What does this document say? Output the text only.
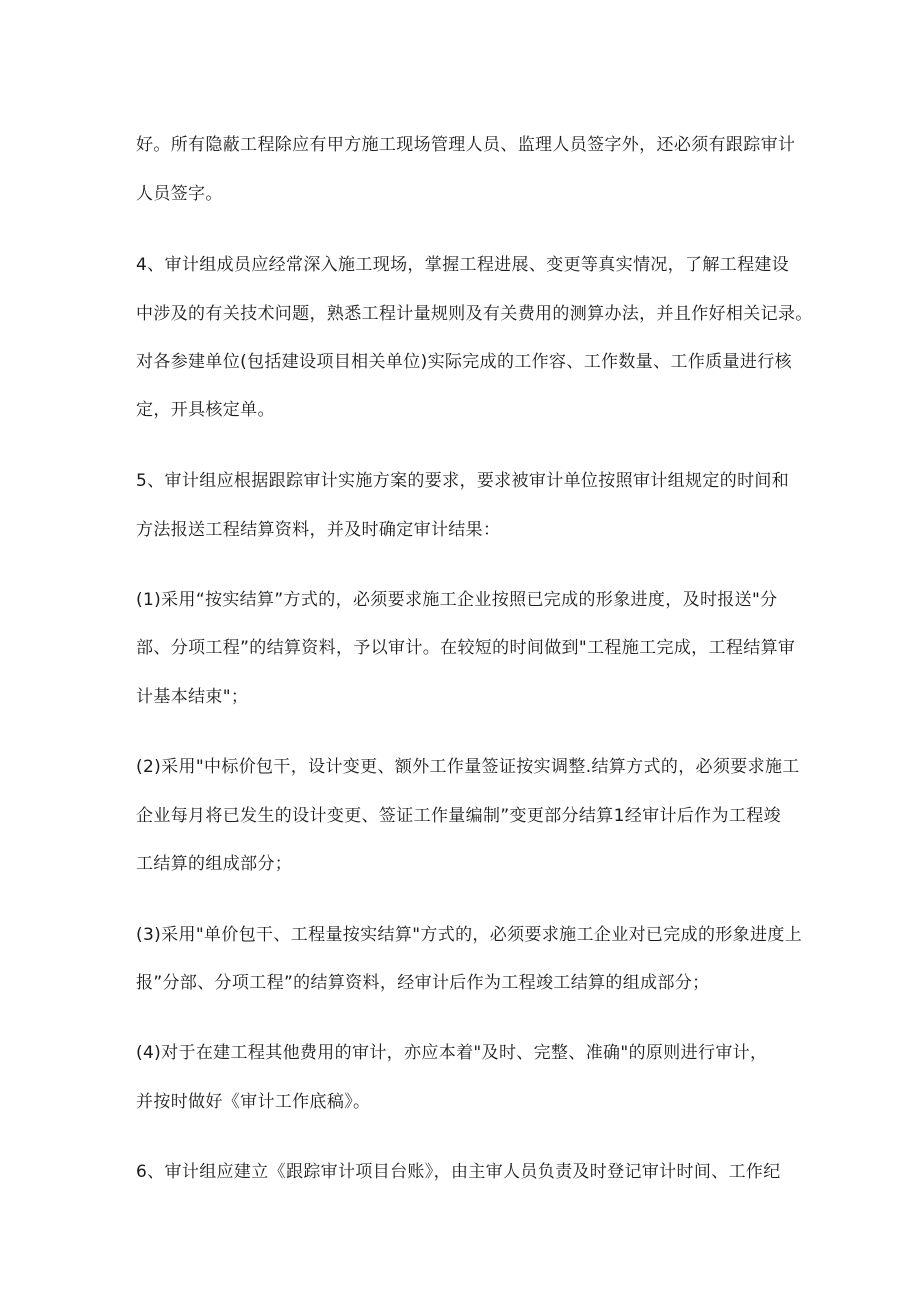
好。所有隐蔽工程除应有甲方施工现场管理人员、监理人员签字外，还必须有跟踪审计
人员签字。
4、审计组成员应经常深入施工现场，掌握工程进展、变更等真实情况，了解工程建设
中涉及的有关技术问题，熟悉工程计量规则及有关费用的测算办法，并且作好相关记录。
对各参建单位(包括建设项目相关单位)实际完成的工作容、工作数量、工作质量进行核
定，开具核定单。
5、审计组应根据跟踪审计实施方案的要求，要求被审计单位按照审计组规定的时间和
方法报送工程结算资料，并及时确定审计结果：
(1)采用“按实结算”方式的，必须要求施工企业按照已完成的形象进度，及时报送"分
部、分项工程”的结算资料，予以审计。在较短的时间做到"工程施工完成，工程结算审
计基本结束"；
(2)采用"中标价包干，设计变更、额外工作量签证按实调整.结算方式的，必须要求施工
企业每月将已发生的设计变更、签证工作量编制”变更部分结算1经审计后作为工程竣
工结算的组成部分；
(3)采用"单价包干、工程量按实结算"方式的，必须要求施工企业对已完成的形象进度上
报”分部、分项工程”的结算资料，经审计后作为工程竣工结算的组成部分；
(4)对于在建工程其他费用的审计，亦应本着"及时、完整、准确"的原则进行审计，
并按时做好《审计工作底稿》。
6、审计组应建立《跟踪审计项目台账》，由主审人员负责及时登记审计时间、工作纪
